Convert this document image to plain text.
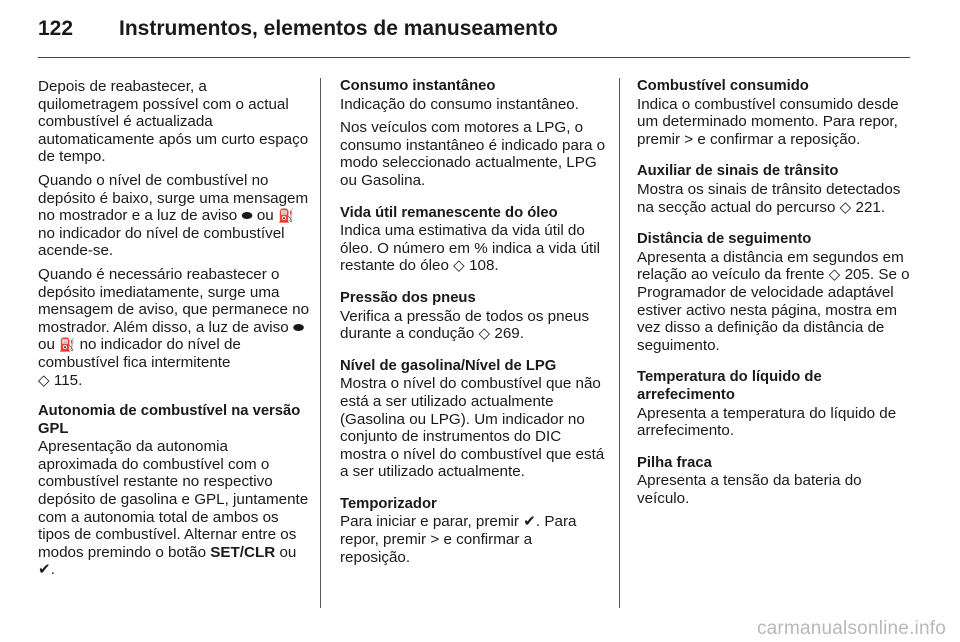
122 Instrumentos, elementos de manuseamento

Depois de reabastecer, a quilometragem possível com o actual combustível é actualizada automaticamente após um curto espaço de tempo.

Quando o nível de combustível no depósito é baixo, surge uma mensagem no mostrador e a luz de aviso ⬬ ou ⛽ no indicador do nível de combustível acende-se.

Quando é necessário reabastecer o depósito imediatamente, surge uma mensagem de aviso, que permanece no mostrador. Além disso, a luz de aviso ⬬ ou ⛽ no indicador do nível de combustível fica intermitente
◇ 115.

Autonomia de combustível na versão GPL

Apresentação da autonomia aproximada do combustível com o combustível restante no respectivo depósito de gasolina e GPL, juntamente com a autonomia total de ambos os tipos de combustível. Alternar entre os modos premindo o botão SET/CLR ou ✔.

Consumo instantâneo

Indicação do consumo instantâneo.

Nos veículos com motores a LPG, o consumo instantâneo é indicado para o modo seleccionado actualmente, LPG ou Gasolina.

Vida útil remanescente do óleo

Indica uma estimativa da vida útil do óleo. O número em % indica a vida útil restante do óleo ◇ 108.

Pressão dos pneus

Verifica a pressão de todos os pneus durante a condução ◇ 269.

Nível de gasolina/Nível de LPG

Mostra o nível do combustível que não está a ser utilizado actualmente (Gasolina ou LPG). Um indicador no conjunto de instrumentos do DIC mostra o nível do combustível que está a ser utilizado actualmente.

Temporizador

Para iniciar e parar, premir ✔. Para repor, premir > e confirmar a reposição.

Combustível consumido

Indica o combustível consumido desde um determinado momento. Para repor, premir > e confirmar a reposição.

Auxiliar de sinais de trânsito

Mostra os sinais de trânsito detectados na secção actual do percurso ◇ 221.

Distância de seguimento

Apresenta a distância em segundos em relação ao veículo da frente ◇ 205. Se o Programador de velocidade adaptável estiver activo nesta página, mostra em vez disso a definição da distância de seguimento.

Temperatura do líquido de arrefecimento

Apresenta a temperatura do líquido de arrefecimento.

Pilha fraca

Apresenta a tensão da bateria do veículo.

carmanualsonline.info
